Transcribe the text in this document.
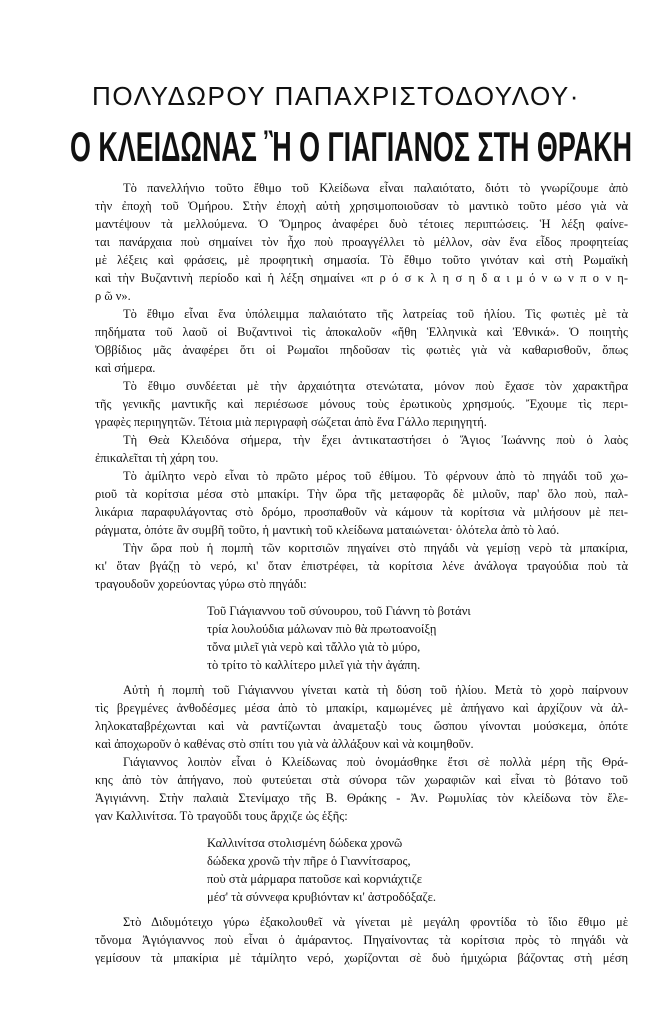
ΠΟΛΥΔΩΡΟΥ ΠΑΠΑΧΡΙΣΤΟΔΟΥΛΟΥ·
Ο ΚΛΕΙΔΩΝΑΣ Ἢ Ο ΓΙΑΓΙΑΝΟΣ ΣΤΗ ΘΡΑΚΗ
Τὸ πανελλήνιο τοῦτο ἔθιμο τοῦ Κλείδωνα εἶναι παλαιότατο, διότι τὸ γνωρίζουμε ἀπὸ
τὴν ἐποχὴ τοῦ Ὁμήρου. Στὴν ἐποχὴ αὐτὴ χρησιμοποιοῦσαν τὸ μαντικὸ τοῦτο μέσο γιὰ νὰ
μαντέψουν τὰ μελλούμενα. Ὁ Ὅμηρος ἀναφέρει δυὸ τέτοιες περιπτώσεις. Ἡ λέξη φαίνε-
ται πανάρχαια ποὺ σημαίνει τὸν ἦχο ποὺ προαγγέλλει τὸ μέλλον, σὰν ἕνα εἶδος προφητείας
μὲ λέξεις καὶ φράσεις, μὲ προφητικὴ σημασία. Τὸ ἔθιμο τοῦτο γινόταν καὶ στὴ Ρωμαϊκὴ
καὶ τὴν Βυζαντινὴ περίοδο καὶ ἡ λέξη σημαίνει «π ρ ό σ κ λ η σ η δ α ι μ ό ν ω ν π ο ν η-
ρ ῶ ν».
Τὸ ἔθιμο εἶναι ἕνα ὑπόλειμμα παλαιότατο τῆς λατρείας τοῦ ἡλίου. Τὶς φωτιὲς μὲ τὰ
πηδήματα τοῦ λαοῦ οἱ Βυζαντινοὶ τὶς ἀποκαλοῦν «ἤθη Ἑλληνικὰ καὶ Ἐθνικά». Ὁ ποιητὴς
Ὀββίδιος μᾶς ἀναφέρει ὅτι οἱ Ρωμαῖοι πηδοῦσαν τὶς φωτιὲς γιὰ νὰ καθαρισθοῦν, ὅπως
καὶ σήμερα.
Τὸ ἔθιμο συνδέεται μὲ τὴν ἀρχαιότητα στενώτατα, μόνον ποὺ ἔχασε τὸν χαρακτῆρα
τῆς γενικῆς μαντικῆς καὶ περιέσωσε μόνους τοὺς ἐρωτικοὺς χρησμούς. Ἔχουμε τὶς περι-
γραφὲς περιηγητῶν. Τέτοια μιὰ περιγραφὴ σώζεται ἀπὸ ἕνα Γάλλο περιηγητή.
Τὴ Θεὰ Κλειδόνα σήμερα, τὴν ἔχει ἀντικαταστήσει ὁ Ἅγιος Ἰωάννης ποὺ ὁ λαὸς
ἐπικαλεῖται τὴ χάρη του.
Τὸ ἀμίλητο νερὸ εἶναι τὸ πρῶτο μέρος τοῦ ἐθίμου. Τὸ φέρνουν ἀπὸ τὸ πηγάδι τοῦ χω-
ριοῦ τὰ κορίτσια μέσα στὸ μπακίρι. Τὴν ὥρα τῆς μεταφορᾶς δὲ μιλοῦν, παρ' ὅλο ποὺ, παλ-
λικάρια παραφυλάγοντας στὸ δρόμο, προσπαθοῦν νὰ κάμουν τὰ κορίτσια νὰ μιλήσουν μὲ πει-
ράγματα, ὁπότε ἂν συμβῆ τοῦτο, ἡ μαντικὴ τοῦ κλείδωνα ματαιώνεται· ὁλότελα ἀπὸ τὸ λαό.
Τὴν ὥρα ποὺ ἡ πομπὴ τῶν κοριτσιῶν πηγαίνει στὸ πηγάδι νὰ γεμίσῃ νερὸ τὰ μπακίρια,
κι' ὅταν βγάζῃ τὸ νερό, κι' ὅταν ἐπιστρέφει, τὰ κορίτσια λένε ἀνάλογα τραγούδια ποὺ τὰ
τραγουδοῦν χορεύοντας γύρω στὸ πηγάδι:
Τοῦ Γιάγιαννου τοῦ σύνουρου, τοῦ Γιάννη τὸ βοτάνι
τρία λουλούδια μάλωναν πιὸ θὰ πρωτοανοίξῃ
τὄνα μιλεῖ γιὰ νερὸ καὶ τἄλλο γιὰ τὸ μύρο,
τὸ τρίτο τὸ καλλίτερο μιλεῖ γιὰ τὴν ἀγάπη.
Αὐτὴ ἡ πομπὴ τοῦ Γιάγιαννου γίνεται κατὰ τὴ δύση τοῦ ἡλίου. Μετὰ τὸ χορὸ παίρνουν
τὶς βρεγμένες ἀνθοδέσμες μέσα ἀπὸ τὸ μπακίρι, καμωμένες μὲ ἀπήγανο καὶ ἀρχίζουν νὰ ἀλ-
ληλοκαταβρέχωνται καὶ νὰ ραντίζωνται ἀναμεταξὺ τους ὥσπου γίνονται μούσκεμα, ὁπότε
καὶ ἀποχωροῦν ὁ καθένας στὸ σπίτι του γιὰ νὰ ἀλλάξουν καὶ νὰ κοιμηθοῦν.
Γιάγιαννος λοιπὸν εἶναι ὁ Κλείδωνας ποὺ ὀνομάσθηκε ἔτσι σὲ πολλὰ μέρη τῆς Θρά-
κης ἀπὸ τὸν ἀπήγανο, ποὺ φυτεύεται στὰ σύνορα τῶν χωραφιῶν καὶ εἶναι τὸ βότανο τοῦ
Ἁγιγιάννη. Στὴν παλαιὰ Στενίμαχο τῆς Β. Θράκης - Ἀν. Ρωμυλίας τὸν κλείδωνα τὸν ἔλε-
γαν Καλλινίτσα. Τὸ τραγοῦδι τους ἄρχιζε ὡς ἑξῆς:
Καλλινίτσα στολισμένη δώδεκα χρονῶ
δώδεκα χρονῶ τὴν πῆρε ὁ Γιαννίτσαρος,
ποὺ στὰ μάρμαρα πατοῦσε καὶ κορνιάχτιζε
μέσ' τὰ σύννεφα κρυβιόνταν κι' ἀστροδόξαζε.
Στὸ Διδυμότειχο γύρω ἐξακολουθεῖ νὰ γίνεται μὲ μεγάλη φροντίδα τὸ ἴδιο ἔθιμο μὲ
τὄνομα Ἀγιόγιαννος ποὺ εἶναι ὁ ἀμάραντος. Πηγαίνοντας τὰ κορίτσια πρὸς τὸ πηγάδι νὰ
γεμίσουν τὰ μπακίρια μὲ τἀμίλητο νερό, χωρίζονται σὲ δυὸ ἡμιχώρια βάζοντας στὴ μέση
